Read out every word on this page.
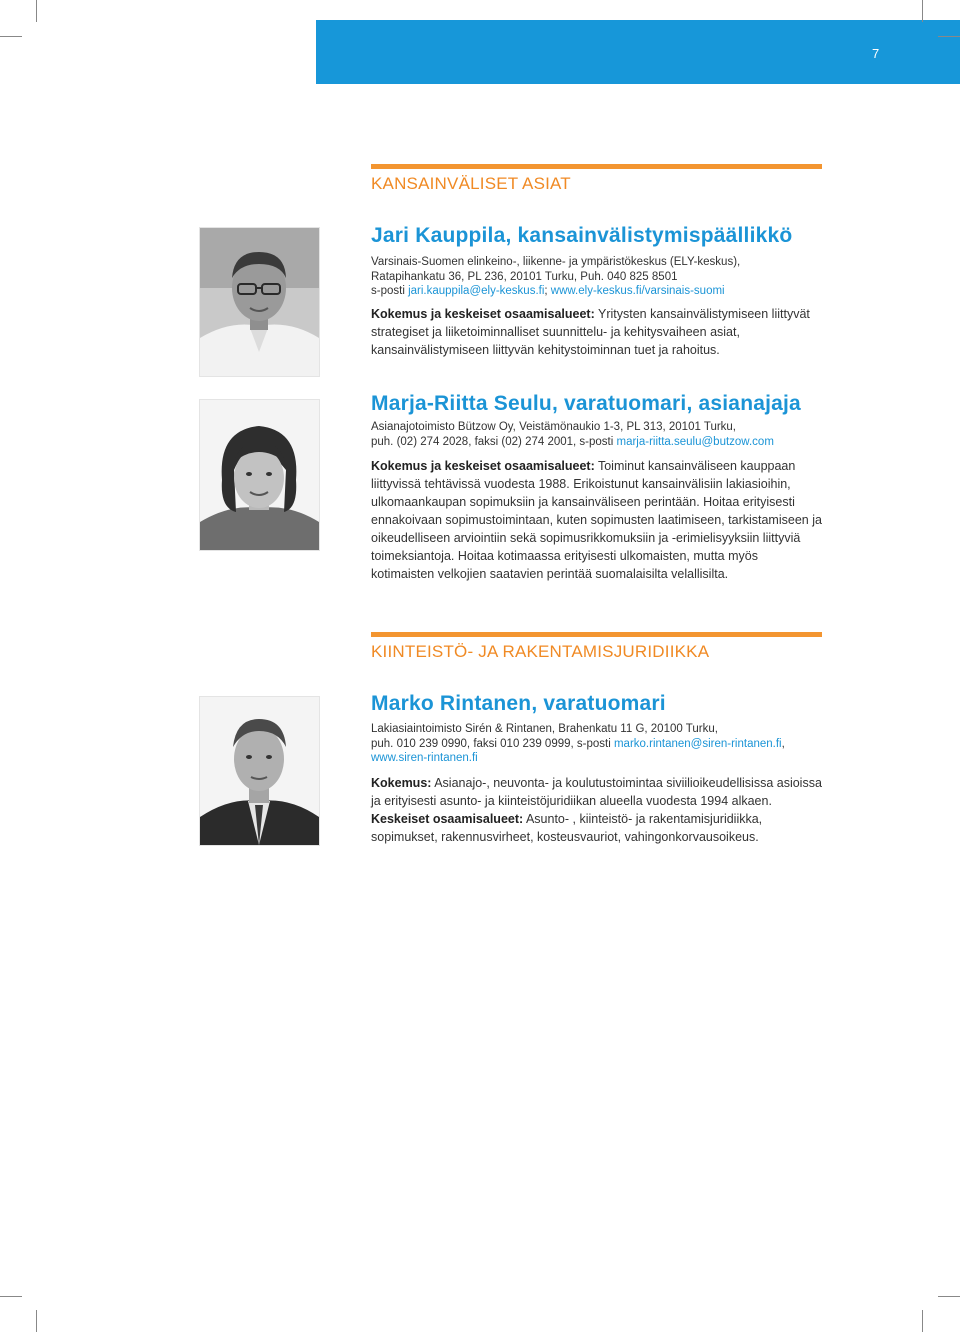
7
KANSAINVÄLISET ASIAT
Jari Kauppila, kansainvälistymispäällikkö
Varsinais-Suomen elinkeino-, liikenne- ja ympäristökeskus (ELY-keskus),
Ratapihankatu 36, PL 236, 20101 Turku, Puh. 040 825 8501
s-posti jari.kauppila@ely-keskus.fi; www.ely-keskus.fi/varsinais-suomi
Kokemus ja keskeiset osaamisalueet: Yritysten kansainvälistymiseen liittyvät strategiset ja liiketoiminnalliset suunnittelu- ja kehitysvaiheen asiat, kansainvälistymiseen liittyvän kehitystoiminnan tuet ja rahoitus.
Marja-Riitta Seulu, varatuomari, asianajaja
Asianajotoimisto Bützow Oy, Veistämönaukio 1-3, PL 313, 20101 Turku,
puh. (02) 274 2028, faksi (02) 274 2001, s-posti marja-riitta.seulu@butzow.com
Kokemus ja keskeiset osaamisalueet: Toiminut kansainväliseen kauppaan liittyvissä tehtävissä vuodesta 1988. Erikoistunut kansainvälisiin lakiasioihin, ulkomaankaupan sopimuksiin ja kansainväliseen perintään. Hoitaa erityisesti ennakoivaan sopimustoimintaan, kuten sopimusten laatimiseen, tarkistamiseen ja oikeudelliseen arviointiin sekä sopimusrikkomuksiin ja -erimielisyyksiin liittyviä toimeksiantoja. Hoitaa kotimaassa erityisesti ulkomaisten, mutta myös kotimaisten velkojien saatavien perintää suomalaisilta velallisilta.
KIINTEISTÖ- JA RAKENTAMISJURIDIIKKA
Marko Rintanen, varatuomari
Lakiasiaintoimisto Sirén & Rintanen, Brahenkatu 11 G, 20100 Turku,
puh. 010 239 0990, faksi 010 239 0999, s-posti marko.rintanen@siren-rintanen.fi,
www.siren-rintanen.fi
Kokemus: Asianajo-, neuvonta- ja koulutustoimintaa siviilioikeudellisissa asioissa ja erityisesti asunto- ja kiinteistöjuridiikan alueella vuodesta 1994 alkaen. Keskeiset osaamisalueet: Asunto- , kiinteistö- ja rakentamisjuridiikka, sopimukset, rakennusvirheet, kosteusvauriot, vahingonkorvausoikeus.
